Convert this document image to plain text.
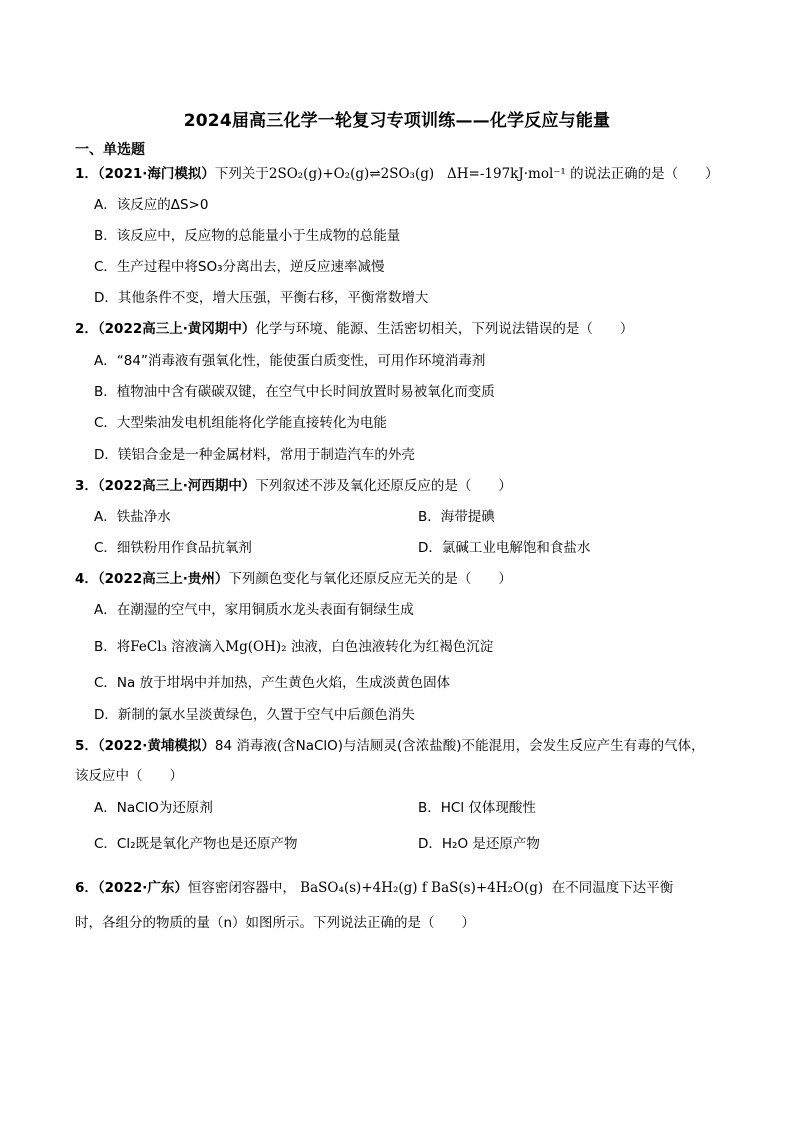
2024届高三化学一轮复习专项训练——化学反应与能量
一、单选题
1．（2021·海门模拟）下列关于2SO₂(g)+O₂(g)⇌2SO₃(g) ΔH=-197kJ·mol⁻¹ 的说法正确的是（　　）
A．该反应的ΔS>0
B．该反应中，反应物的总能量小于生成物的总能量
C．生产过程中将SO₃分离出去，逆反应速率减慢
D．其他条件不变，增大压强，平衡右移，平衡常数增大
2．（2022高三上·黄冈期中）化学与环境、能源、生活密切相关，下列说法错误的是（　　）
A．“84”消毒液有强氧化性，能使蛋白质变性，可用作环境消毒剂
B．植物油中含有碳碳双键，在空气中长时间放置时易被氧化而变质
C．大型柴油发电机组能将化学能直接转化为电能
D．镁铝合金是一种金属材料，常用于制造汽车的外壳
3．（2022高三上·河西期中）下列叙述不涉及氧化还原反应的是（　　）
A．铁盐净水	B．海带提碘
C．细铁粉用作食品抗氧剂	D．氯碱工业电解饱和食盐水
4．（2022高三上·贵州）下列颜色变化与氧化还原反应无关的是（　　）
A．在潮湿的空气中，家用铜质水龙头表面有铜绿生成
B．将FeCl₃ 溶液滴入Mg(OH)₂ 浊液，白色浊液转化为红褐色沉淀
C．Na 放于坩埚中并加热，产生黄色火焰，生成淡黄色固体
D．新制的氯水呈淡黄绿色，久置于空气中后颜色消失
5．（2022·黄埔模拟）84 消毒液(含NaClO)与洁厕灵(含浓盐酸)不能混用，会发生反应产生有毒的气体，
该反应中（　　）
A．NaClO为还原剂	B．HCl 仅体现酸性
C．Cl₂既是氧化产物也是还原产物	D．H₂O 是还原产物
6．（2022·广东）恒容密闭容器中， BaSO₄(s)+4H₂(g) f BaS(s)+4H₂O(g) 在不同温度下达平衡
时，各组分的物质的量（n）如图所示。下列说法正确的是（　　）
